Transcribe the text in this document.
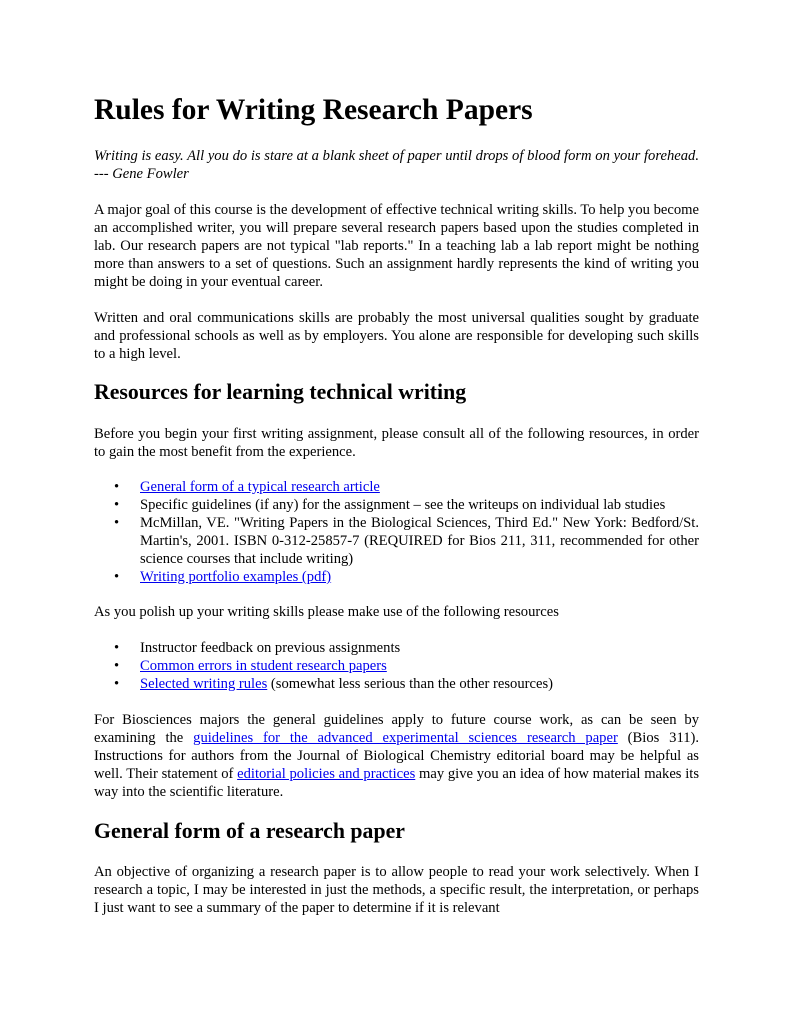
Rules for Writing Research Papers

Writing is easy. All you do is stare at a blank sheet of paper until drops of blood form on your forehead. --- Gene Fowler

A major goal of this course is the development of effective technical writing skills. To help you become an accomplished writer, you will prepare several research papers based upon the studies completed in lab. Our research papers are not typical "lab reports." In a teaching lab a lab report might be nothing more than answers to a set of questions. Such an assignment hardly represents the kind of writing you might be doing in your eventual career.

Written and oral communications skills are probably the most universal qualities sought by graduate and professional schools as well as by employers. You alone are responsible for developing such skills to a high level.

Resources for learning technical writing

Before you begin your first writing assignment, please consult all of the following resources, in order to gain the most benefit from the experience.

• General form of a typical research article
• Specific guidelines (if any) for the assignment – see the writeups on individual lab studies
• McMillan, VE. "Writing Papers in the Biological Sciences, Third Ed." New York: Bedford/St. Martin's, 2001. ISBN 0-312-25857-7 (REQUIRED for Bios 211, 311, recommended for other science courses that include writing)
• Writing portfolio examples (pdf)

As you polish up your writing skills please make use of the following resources

• Instructor feedback on previous assignments
• Common errors in student research papers
• Selected writing rules (somewhat less serious than the other resources)

For Biosciences majors the general guidelines apply to future course work, as can be seen by examining the guidelines for the advanced experimental sciences research paper (Bios 311). Instructions for authors from the Journal of Biological Chemistry editorial board may be helpful as well. Their statement of editorial policies and practices may give you an idea of how material makes its way into the scientific literature.

General form of a research paper

An objective of organizing a research paper is to allow people to read your work selectively. When I research a topic, I may be interested in just the methods, a specific result, the interpretation, or perhaps I just want to see a summary of the paper to determine if it is relevant
